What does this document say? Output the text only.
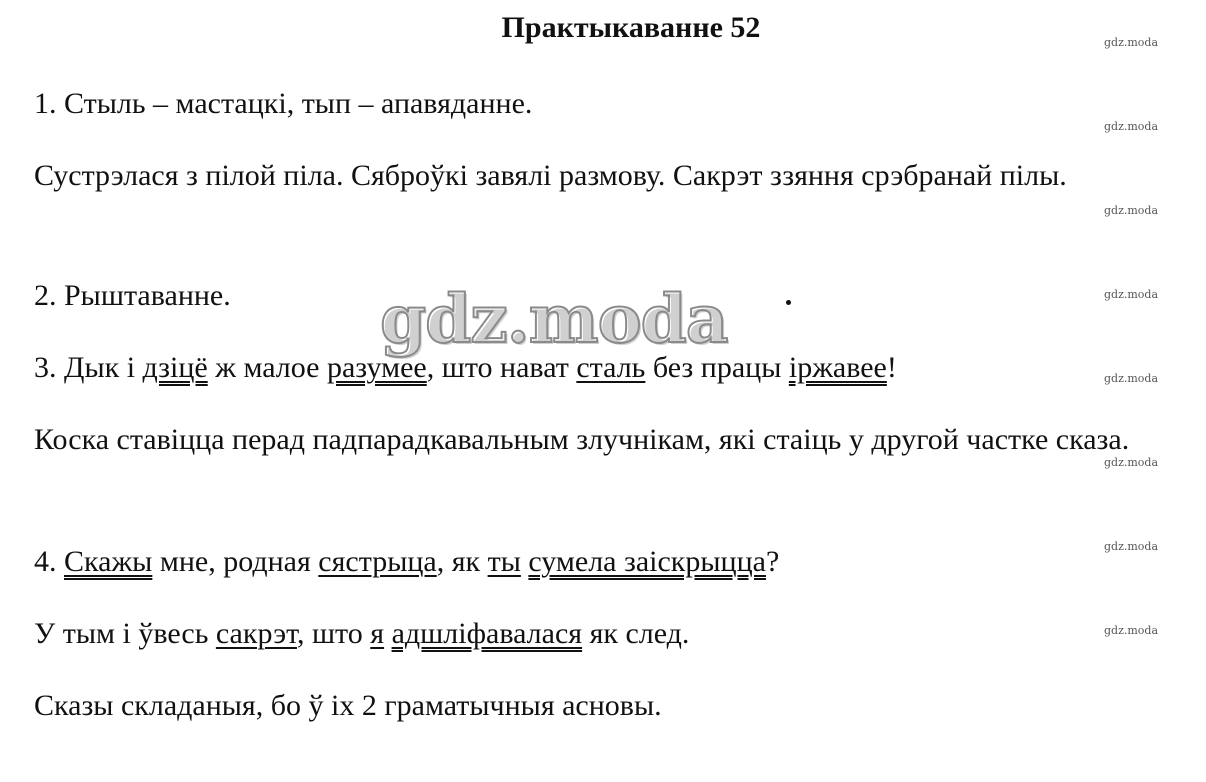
Практыкаванне 52	gdz.moda
gdz.moda
gdz.moda
gdz.moda
gdz.moda
gdz.moda
gdz.moda
gdz.moda
1. Стыль – мастацкі, тып – апавяданне.
Сустрэлася з пілой піла. Сяброўкі завялі размову. Сакрэт ззяння срэбранай пілы.
2. Рыштаванне.
3. Дык і дзіцё ж малое разумее, што нават сталь без працы іржавее!
Коска ставіцца перад падпарадкавальным злучнікам, які стаіць у другой частке сказа.
4. Скажы мне, родная сястрыца, як ты сумела заіскрыцца?
У тым і ўвесь сакрэт, што я адшліфавалася як след.
Сказы складаныя, бо ў іх 2 граматычныя асновы.
gdz.moda
